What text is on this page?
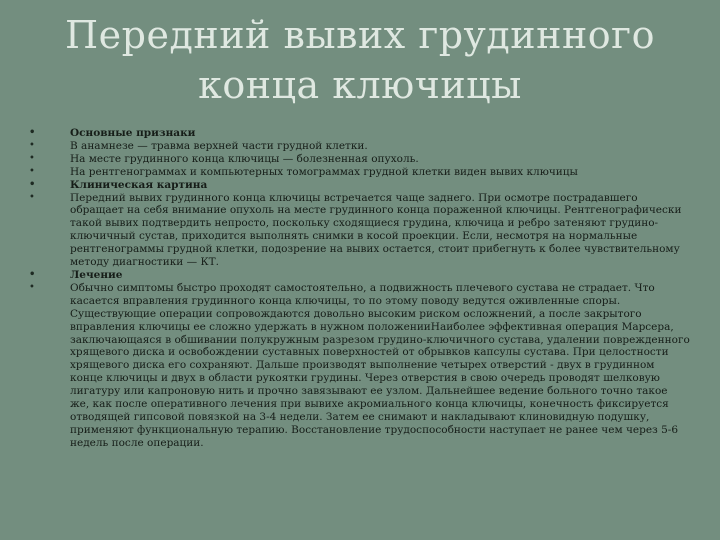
Передний вывих грудинного
конца ключицы
• Основные признаки
• В анамнезе — травма верхней части грудной клетки.
• На месте грудинного конца ключицы — болезненная опухоль.
• На рентгенограммах и компьютерных томограммах грудной клетки виден вывих ключицы
• Клиническая картина
• Передний вывих грудинного конца ключицы встречается чаще заднего. При осмотре пострадавшего обращает на себя внимание опухоль на месте грудинного конца пораженной ключицы. Рентгенографически такой вывих подтвердить непросто, поскольку сходящиеся грудина, ключица и ребро затеняют грудино-ключичный сустав, приходится выполнять снимки в косой проекции. Если, несмотря на нормальные рентгенограммы грудной клетки, подозрение на вывих остается, стоит прибегнуть к более чувствительному методу диагностики — КТ.
• Лечение
• Обычно симптомы быстро проходят самостоятельно, а подвижность плечевого сустава не страдает. Что касается вправления грудинного конца ключицы, то по этому поводу ведутся оживленные споры. Существующие операции сопровождаются довольно высоким риском осложнений, а после закрытого вправления ключицы ее сложно удержать в нужном положенииНаиболее эффективная операция Марсера, заключающаяся в обшивании полукружным разрезом грудино-ключичного сустава, удалении поврежденного хрящевого диска и освобождении суставных поверхностей от обрывков капсулы сустава. При целостности хрящевого диска его сохраняют. Дальше производят выполнение четырех отверстий - двух в грудинном конце ключицы и двух в области рукоятки грудины. Через отверстия в свою очередь проводят шелковую лигатуру или капроновую нить и прочно завязывают ее узлом. Дальнейшее ведение больного точно такое же, как после оперативного лечения при вывихе акромиального конца ключицы, конечность фиксируется отводящей гипсовой повязкой на 3-4 недели. Затем ее снимают и накладывают клиновидную подушку, применяют функциональную терапию. Восстановление трудоспособности наступает не ранее чем через 5-6 недель после операции.
